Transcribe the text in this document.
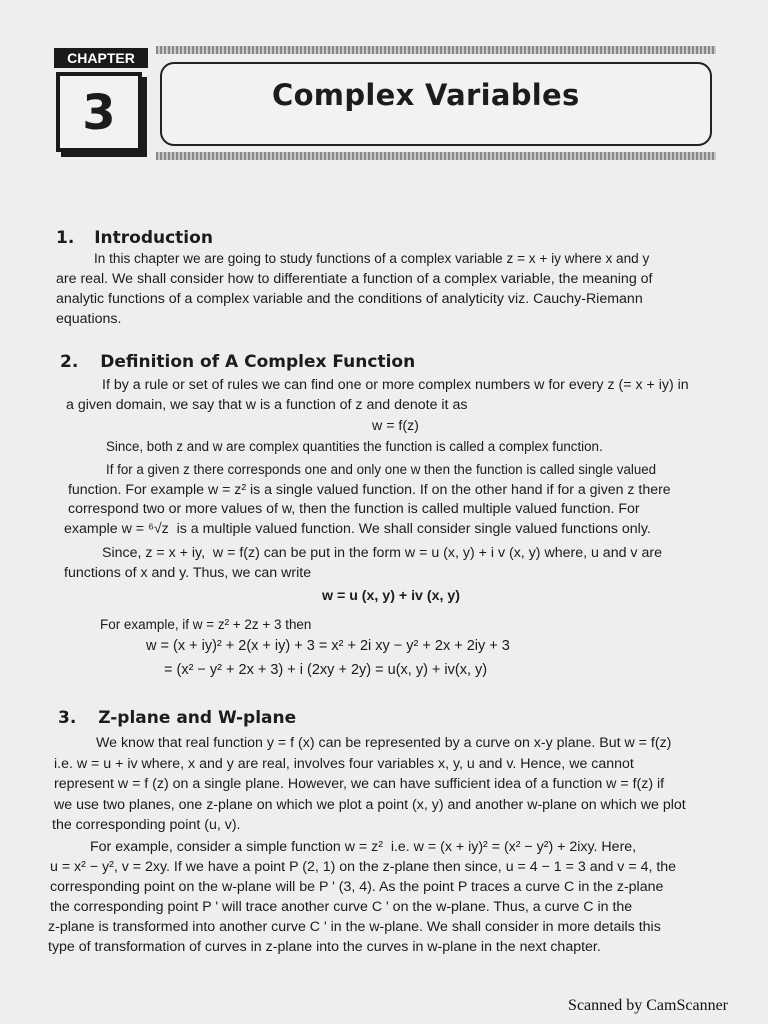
CHAPTER
3	Complex Variables
1. Introduction
In this chapter we are going to study functions of a complex variable z = x + iy where x and y
are real. We shall consider how to differentiate a function of a complex variable, the meaning of
analytic functions of a complex variable and the conditions of analyticity viz. Cauchy-Riemann
equations.
2. Definition of A Complex Function
If by a rule or set of rules we can find one or more complex numbers w for every z (= x + iy) in
a given domain, we say that w is a function of z and denote it as
w = f(z)
Since, both z and w are complex quantities the function is called a complex function.
If for a given z there corresponds one and only one w then the function is called single valued
function. For example w = z² is a single valued function. If on the other hand if for a given z there
correspond two or more values of w, then the function is called multiple valued function. For
example w = ⁶√z  is a multiple valued function. We shall consider single valued functions only.
Since, z = x + iy,  w = f(z) can be put in the form w = u (x, y) + i v (x, y) where, u and v are
functions of x and y. Thus, we can write
w = u (x, y) + iv (x, y)
For example, if w = z² + 2z + 3 then
w = (x + iy)² + 2(x + iy) + 3 = x² + 2i xy − y² + 2x + 2iy + 3
= (x² − y² + 2x + 3) + i (2xy + 2y) = u(x, y) + iv(x, y)
3. Z-plane and W-plane
We know that real function y = f (x) can be represented by a curve on x-y plane. But w = f(z)
i.e. w = u + iv where, x and y are real, involves four variables x, y, u and v. Hence, we cannot
represent w = f (z) on a single plane. However, we can have sufficient idea of a function w = f(z) if
we use two planes, one z-plane on which we plot a point (x, y) and another w-plane on which we plot
the corresponding point (u, v).
For example, consider a simple function w = z²  i.e. w = (x + iy)² = (x² − y²) + 2ixy. Here,
u = x² − y², v = 2xy. If we have a point P (2, 1) on the z-plane then since, u = 4 − 1 = 3 and v = 4, the
corresponding point on the w-plane will be P ' (3, 4). As the point P traces a curve C in the z-plane
the corresponding point P ' will trace another curve C ' on the w-plane. Thus, a curve C in the
z-plane is transformed into another curve C ' in the w-plane. We shall consider in more details this
type of transformation of curves in z-plane into the curves in w-plane in the next chapter.
Scanned by CamScanner
